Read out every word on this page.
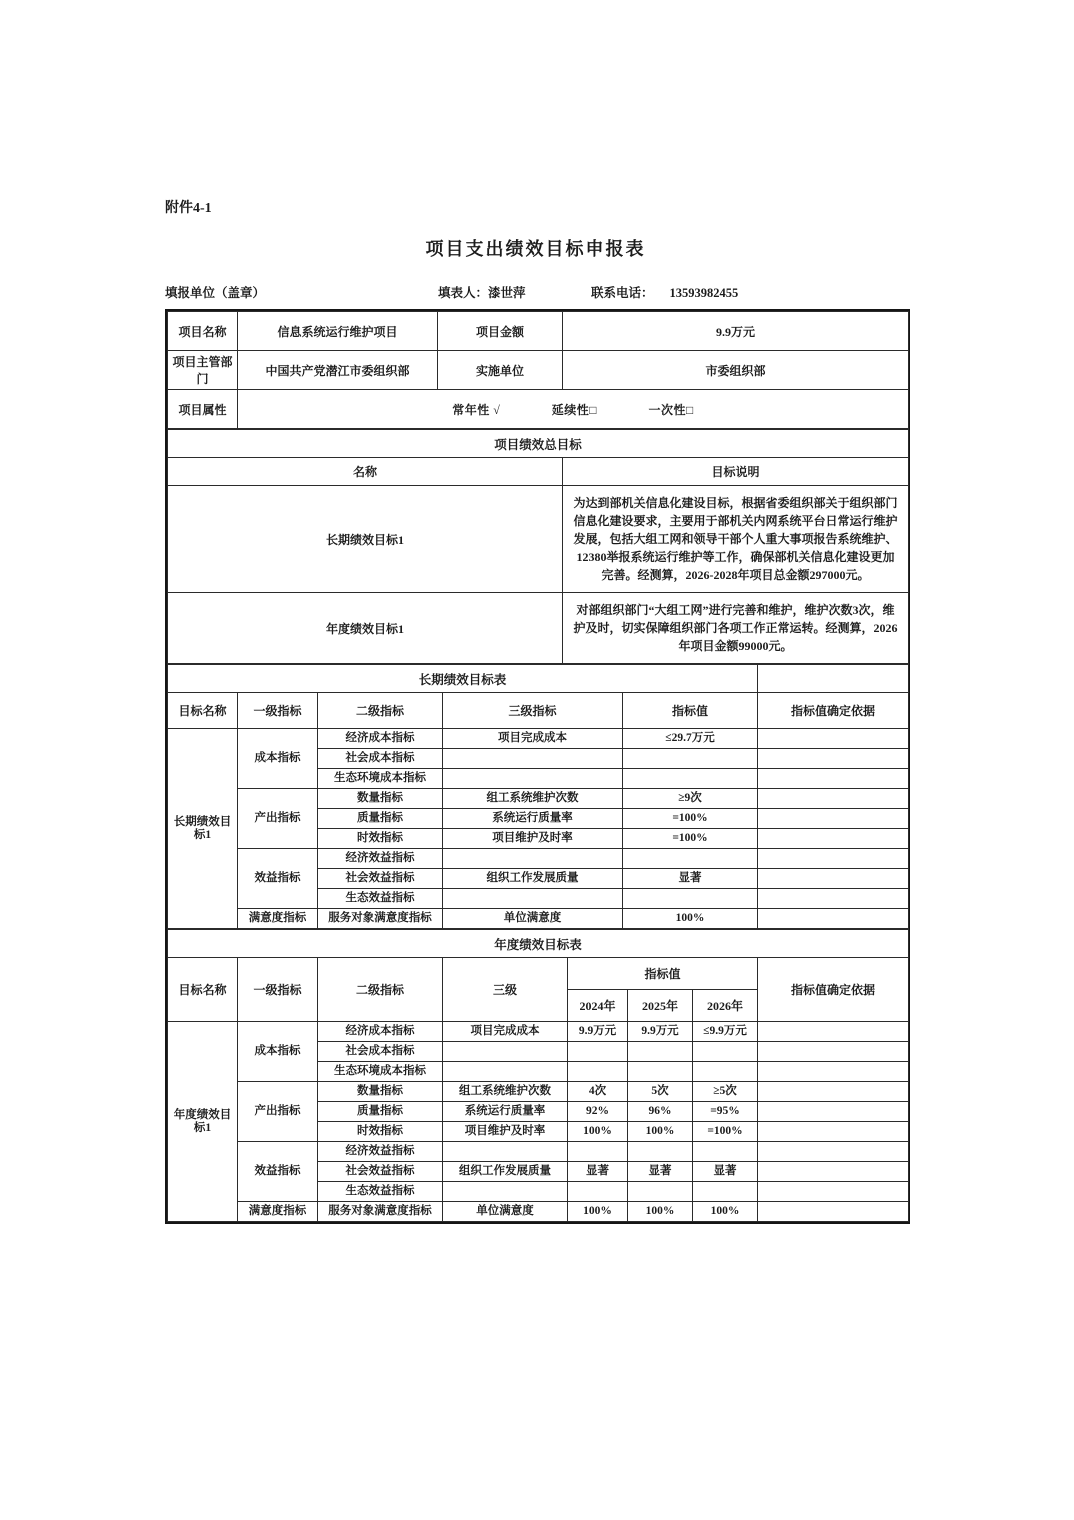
附件4-1
项目支出绩效目标申报表
填报单位（盖章）	填表人：漆世萍	联系电话： 13593982455
项目名称	信息系统运行维护项目	项目金额	9.9万元
项目主管部门	中国共产党潜江市委组织部	实施单位	市委组织部
项目属性	常年性 √ 延续性□ 一次性□		
项目绩效总目标	
名称	目标说明
长期绩效目标1	为达到部机关信息化建设目标，根据省委组织部关于组织部门信息化建设要求，主要用于部机关内网系统平台日常运行维护发展，包括大组工网和领导干部个人重大事项报告系统维护、12380举报系统运行维护等工作，确保部机关信息化建设更加完善。经测算，2026-2028年项目总金额297000元。
年度绩效目标1	对部组织部门“大组工网”进行完善和维护，维护次数3次，维护及时，切实保障组织部门各项工作正常运转。经测算，2026年项目金额99000元。
长期绩效目标表					
目标名称	一级指标	二级指标	三级指标	指标值	指标值确定依据
长期绩效目标1	成本指标	经济成本指标	项目完成成本	≤29.7万元	
		社会成本指标			
		生态环境成本指标			
	产出指标	数量指标	组工系统维护次数	≥9次	
		质量指标	系统运行质量率	=100%	
		时效指标	项目维护及时率	=100%	
	效益指标	经济效益指标			
		社会效益指标	组织工作发展质量	显著	
		生态效益指标			
	满意度指标	服务对象满意度指标	单位满意度	100%	
年度绩效目标表							
目标名称	一级指标	二级指标	三级	指标值			指标值确定依据
				2024年	2025年	2026年	
年度绩效目标1	成本指标	经济成本指标	项目完成成本	9.9万元	9.9万元	≤9.9万元	
		社会成本指标					
		生态环境成本指标					
	产出指标	数量指标	组工系统维护次数	4次	5次	≥5次	
		质量指标	系统运行质量率	92%	96%	=95%	
		时效指标	项目维护及时率	100%	100%	=100%	
	效益指标	经济效益指标					
		社会效益指标	组织工作发展质量	显著	显著	显著	
		生态效益指标					
	满意度指标	服务对象满意度指标	单位满意度	100%	100%	100%	
